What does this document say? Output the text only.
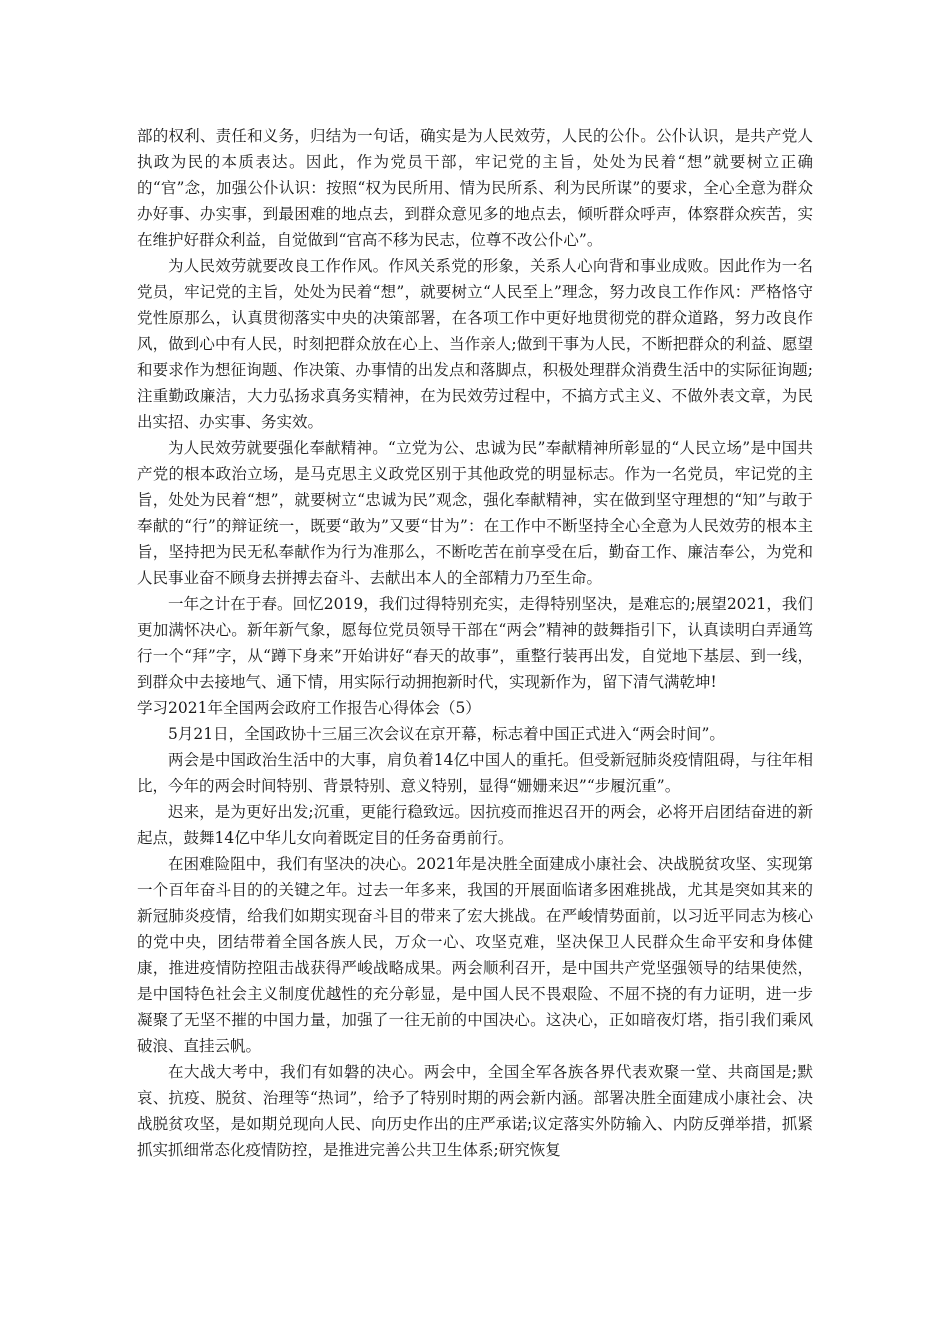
部的权利、责任和义务，归结为一句话，确实是为人民效劳，人民的公仆。公仆认识，是共产党人执政为民的本质表达。因此，作为党员干部，牢记党的主旨，处处为民着“想”就要树立正确的“官”念，加强公仆认识：按照“权为民所用、情为民所系、利为民所谋”的要求，全心全意为群众办好事、办实事，到最困难的地点去，到群众意见多的地点去，倾听群众呼声，体察群众疾苦，实在维护好群众利益，自觉做到“官高不移为民志，位尊不改公仆心”。

为人民效劳就要改良工作作风。作风关系党的形象，关系人心向背和事业成败。因此作为一名党员，牢记党的主旨，处处为民着“想”，就要树立“人民至上”理念，努力改良工作作风：严格恪守党性原那么，认真贯彻落实中央的决策部署，在各项工作中更好地贯彻党的群众道路，努力改良作风，做到心中有人民，时刻把群众放在心上、当作亲人;做到干事为人民，不断把群众的利益、愿望和要求作为想征询题、作决策、办事情的出发点和落脚点，积极处理群众消费生活中的实际征询题;注重勤政廉洁，大力弘扬求真务实精神，在为民效劳过程中，不搞方式主义、不做外表文章，为民出实招、办实事、务实效。

为人民效劳就要强化奉献精神。“立党为公、忠诚为民”奉献精神所彰显的“人民立场”是中国共产党的根本政治立场，是马克思主义政党区别于其他政党的明显标志。作为一名党员，牢记党的主旨，处处为民着“想”，就要树立“忠诚为民”观念，强化奉献精神，实在做到坚守理想的“知”与敢于奉献的“行”的辩证统一，既要“敢为”又要“甘为”：在工作中不断坚持全心全意为人民效劳的根本主旨，坚持把为民无私奉献作为行为准那么，不断吃苦在前享受在后，勤奋工作、廉洁奉公，为党和人民事业奋不顾身去拼搏去奋斗、去献出本人的全部精力乃至生命。

一年之计在于春。回忆2019，我们过得特别充实，走得特别坚决，是难忘的;展望2021，我们更加满怀决心。新年新气象，愿每位党员领导干部在“两会”精神的鼓舞指引下，认真读明白弄通笃行一个“拜”字，从“蹲下身来”开始讲好“春天的故事”，重整行装再出发，自觉地下基层、到一线，到群众中去接地气、通下情，用实际行动拥抱新时代，实现新作为，留下清气满乾坤!

学习2021年全国两会政府工作报告心得体会（5）

5月21日，全国政协十三届三次会议在京开幕，标志着中国正式进入“两会时间”。

两会是中国政治生活中的大事，肩负着14亿中国人的重托。但受新冠肺炎疫情阻碍，与往年相比，今年的两会时间特别、背景特别、意义特别，显得“姗姗来迟”“步履沉重”。

迟来，是为更好出发;沉重，更能行稳致远。因抗疫而推迟召开的两会，必将开启团结奋进的新起点，鼓舞14亿中华儿女向着既定目的任务奋勇前行。

在困难险阻中，我们有坚决的决心。2021年是决胜全面建成小康社会、决战脱贫攻坚、实现第一个百年奋斗目的的关键之年。过去一年多来，我国的开展面临诸多困难挑战，尤其是突如其来的新冠肺炎疫情，给我们如期实现奋斗目的带来了宏大挑战。在严峻情势面前，以习近平同志为核心的党中央，团结带着全国各族人民，万众一心、攻坚克难，坚决保卫人民群众生命平安和身体健康，推进疫情防控阻击战获得严峻战略成果。两会顺利召开，是中国共产党坚强领导的结果使然，是中国特色社会主义制度优越性的充分彰显，是中国人民不畏艰险、不屈不挠的有力证明，进一步凝聚了无坚不摧的中国力量，加强了一往无前的中国决心。这决心，正如暗夜灯塔，指引我们乘风破浪、直挂云帆。

在大战大考中，我们有如磐的决心。两会中，全国全军各族各界代表欢聚一堂、共商国是;默哀、抗疫、脱贫、治理等“热词”，给予了特别时期的两会新内涵。部署决胜全面建成小康社会、决战脱贫攻坚，是如期兑现向人民、向历史作出的庄严承诺;议定落实外防输入、内防反弹举措，抓紧抓实抓细常态化疫情防控，是推进完善公共卫生体系;研究恢复
